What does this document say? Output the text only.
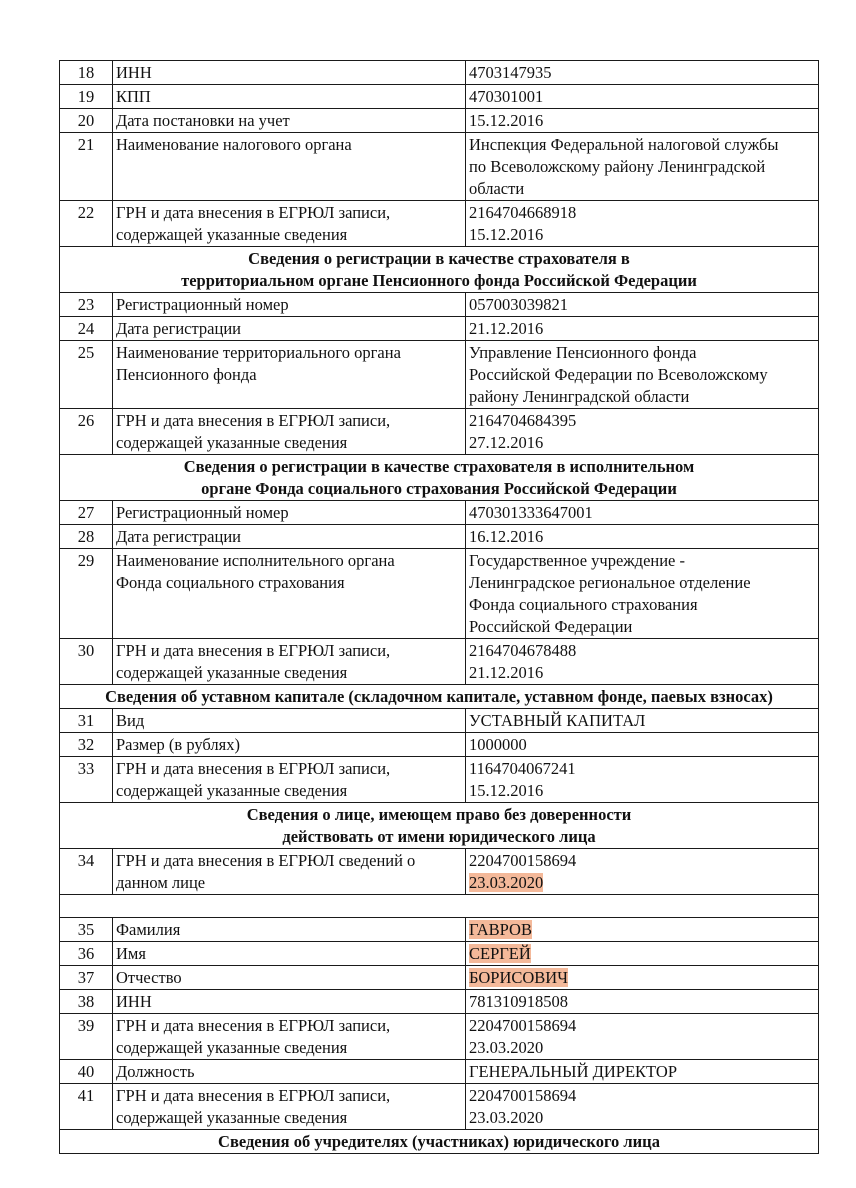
18	ИНН	4703147935

19	КПП	470301001

20	Дата постановки на учет	15.12.2016

21	Наименование налогового органа	Инспекция Федеральной налоговой службы
по Всеволожскому району Ленинградской
области

22	ГРН и дата внесения в ЕГРЮЛ записи,
содержащей указанные сведения	2164704668918
15.12.2016

Сведения о регистрации в качестве страхователя в
территориальном органе Пенсионного фонда Российской Федерации		

23	Регистрационный номер	057003039821

24	Дата регистрации	21.12.2016

25	Наименование территориального органа
Пенсионного фонда	Управление Пенсионного фонда
Российской Федерации по Всеволожскому
району Ленинградской области

26	ГРН и дата внесения в ЕГРЮЛ записи,
содержащей указанные сведения	2164704684395
27.12.2016

Сведения о регистрации в качестве страхователя в исполнительном
органе Фонда социального страхования Российской Федерации		

27	Регистрационный номер	470301333647001

28	Дата регистрации	16.12.2016

29	Наименование исполнительного органа
Фонда социального страхования	Государственное учреждение -
Ленинградское региональное отделение
Фонда социального страхования
Российской Федерации

30	ГРН и дата внесения в ЕГРЮЛ записи,
содержащей указанные сведения	2164704678488
21.12.2016

Сведения об уставном капитале (складочном капитале, уставном фонде, паевых взносах)		

31	Вид	УСТАВНЫЙ КАПИТАЛ

32	Размер (в рублях)	1000000

33	ГРН и дата внесения в ЕГРЮЛ записи,
содержащей указанные сведения	1164704067241
15.12.2016

Сведения о лице, имеющем право без доверенности
действовать от имени юридического лица		

34	ГРН и дата внесения в ЕГРЮЛ сведений о
данном лице	2204700158694
23.03.2020

35	Фамилия	ГАВРОВ

36	Имя	СЕРГЕЙ

37	Отчество	БОРИСОВИЧ

38	ИНН	781310918508

39	ГРН и дата внесения в ЕГРЮЛ записи,
содержащей указанные сведения	2204700158694
23.03.2020

40	Должность	ГЕНЕРАЛЬНЫЙ ДИРЕКТОР

41	ГРН и дата внесения в ЕГРЮЛ записи,
содержащей указанные сведения	2204700158694
23.03.2020

Сведения об учредителях (участниках) юридического лица		
